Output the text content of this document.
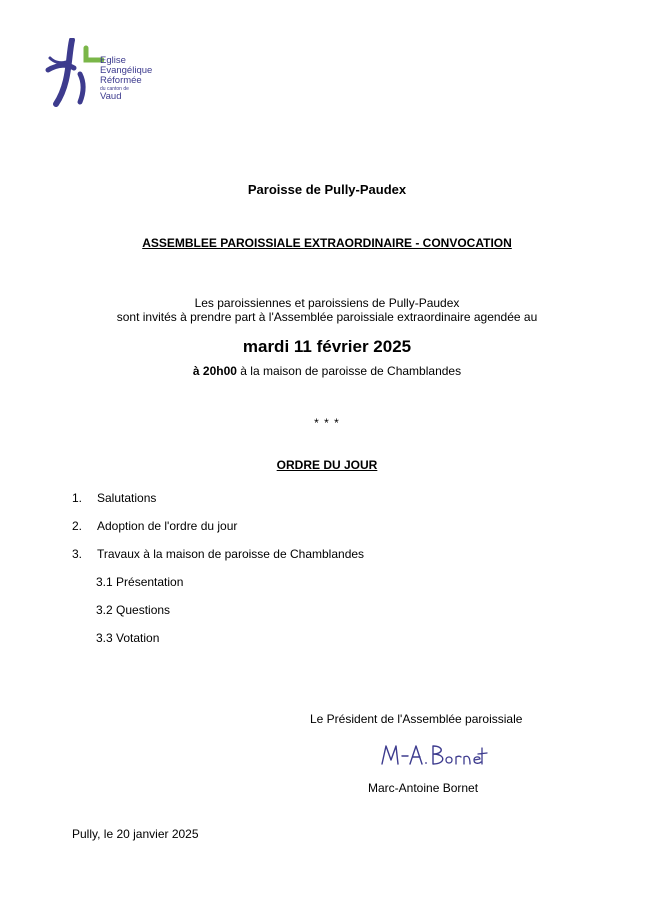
Eglise
Evangélique
Réformée
du canton de
Vaud
Paroisse de Pully-Paudex
ASSEMBLEE PAROISSIALE EXTRAORDINAIRE - CONVOCATION
Les paroissiennes et paroissiens de Pully-Paudex
sont invités à prendre part à l'Assemblée paroissiale extraordinaire agendée au
mardi 11 février 2025
à 20h00 à la maison de paroisse de Chamblandes
* * *
ORDRE DU JOUR
1.	Salutations
2.	Adoption de l'ordre du jour
3.	Travaux à la maison de paroisse de Chamblandes
3.1 Présentation
3.2 Questions
3.3 Votation
Le Président de l'Assemblée paroissiale
Marc-Antoine Bornet
Pully, le 20 janvier 2025
